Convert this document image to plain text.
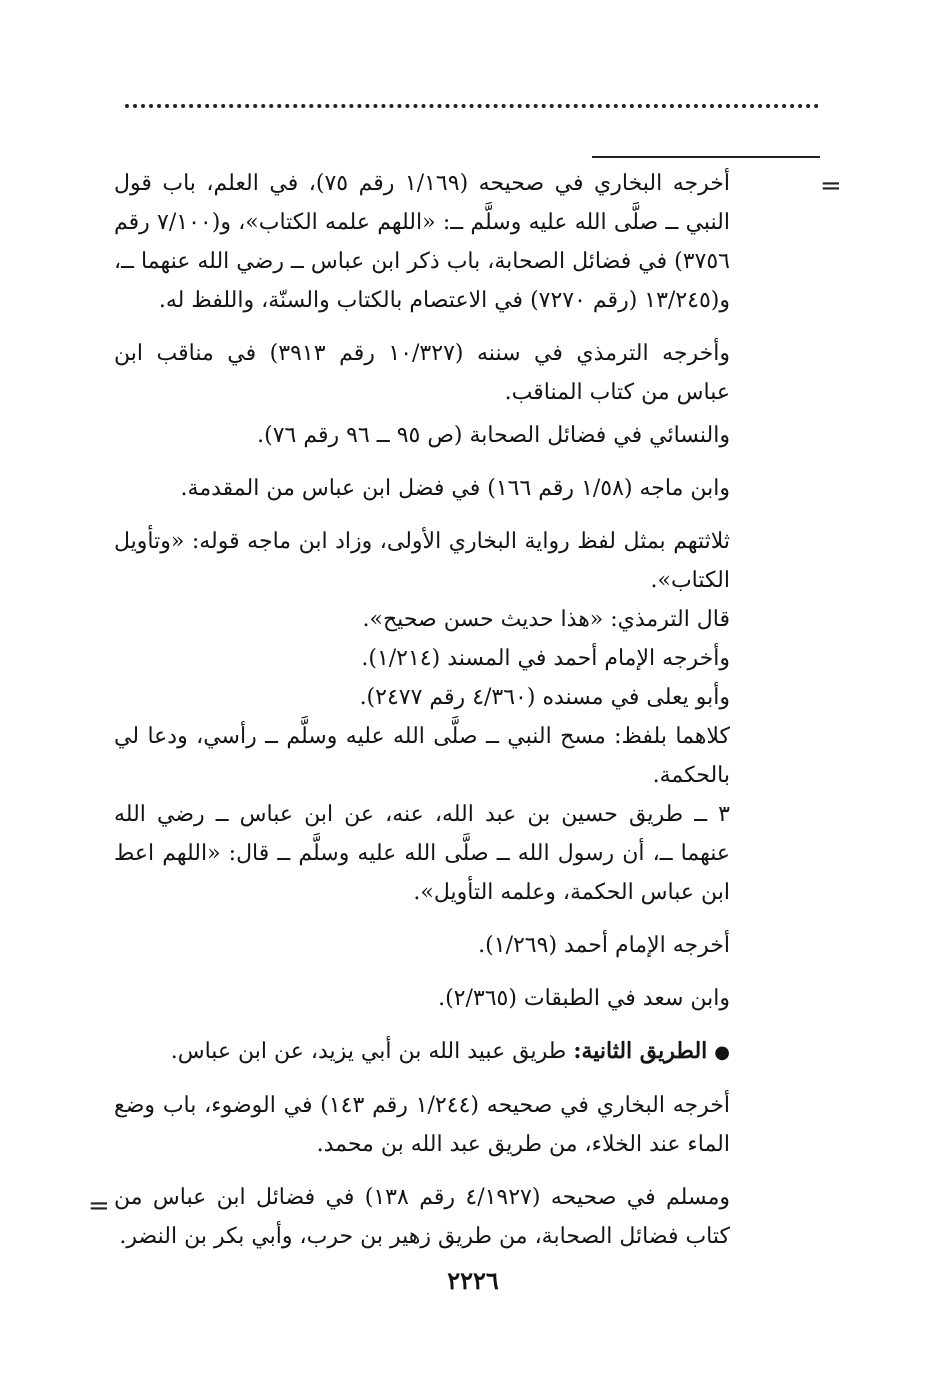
=

أخرجه البخاري في صحيحه (١/١٦٩ رقم ٧٥)، في العلم، باب قول النبي ــ صلَّى الله عليه وسلَّم ــ: «اللهم علمه الكتاب»، و(٧/١٠٠ رقم ٣٧٥٦) في فضائل الصحابة، باب ذكر ابن عباس ــ رضي الله عنهما ــ، و(١٣/٢٤٥ (رقم ٧٢٧٠) في الاعتصام بالكتاب والسنّة، واللفظ له.

وأخرجه الترمذي في سننه (١٠/٣٢٧ رقم ٣٩١٣) في مناقب ابن عباس من كتاب المناقب.

والنسائي في فضائل الصحابة (ص ٩٥ ــ ٩٦ رقم ٧٦).

وابن ماجه (١/٥٨ رقم ١٦٦) في فضل ابن عباس من المقدمة.

ثلاثتهم بمثل لفظ رواية البخاري الأولى، وزاد ابن ماجه قوله: «وتأويل الكتاب».

قال الترمذي: «هذا حديث حسن صحيح».

وأخرجه الإمام أحمد في المسند (١/٢١٤).

وأبو يعلى في مسنده (٤/٣٦٠ رقم ٢٤٧٧).

كلاهما بلفظ: مسح النبي ــ صلَّى الله عليه وسلَّم ــ رأسي، ودعا لي بالحكمة.

٣ ــ طريق حسين بن عبد الله، عنه، عن ابن عباس ــ رضي الله عنهما ــ، أن رسول الله ــ صلَّى الله عليه وسلَّم ــ قال: «اللهم اعط ابن عباس الحكمة، وعلمه التأويل».

أخرجه الإمام أحمد (١/٢٦٩).

وابن سعد في الطبقات (٢/٣٦٥).

● الطريق الثانية: طريق عبيد الله بن أبي يزيد، عن ابن عباس.

أخرجه البخاري في صحيحه (١/٢٤٤ رقم ١٤٣) في الوضوء، باب وضع الماء عند الخلاء، من طريق عبد الله بن محمد.

ومسلم في صحيحه (٤/١٩٢٧ رقم ١٣٨) في فضائل ابن عباس من كتاب فضائل الصحابة، من طريق زهير بن حرب، وأبي بكر بن النضر.

=
٢٢٢٦
